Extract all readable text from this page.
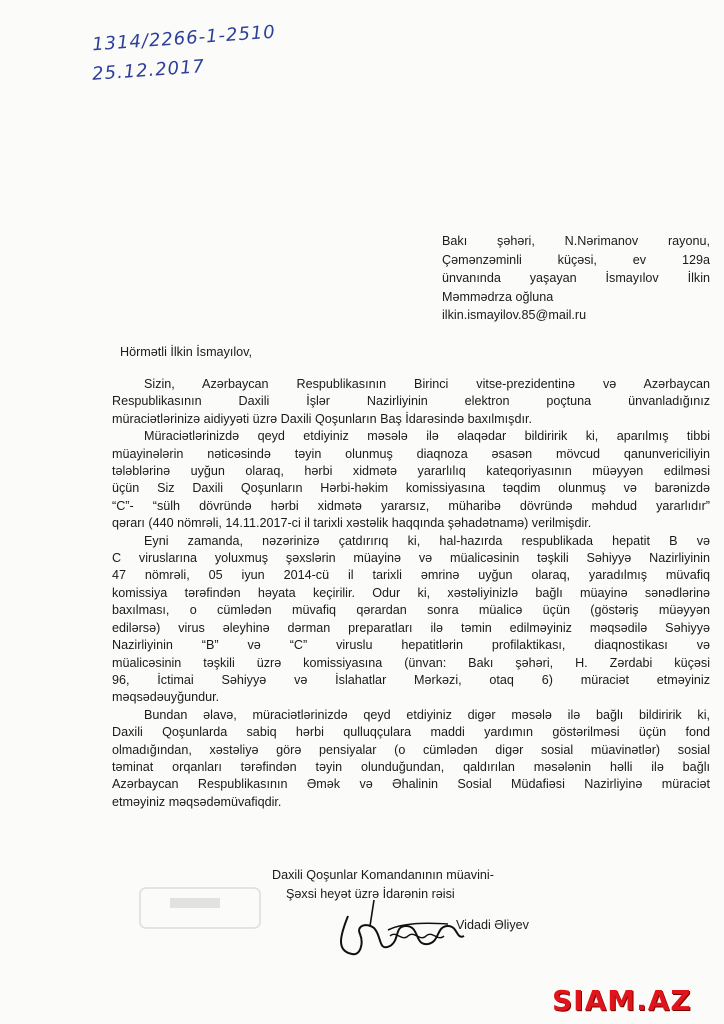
1314/2266-1-2510
25.12.2017

Bakı şəhəri, N.Nərimanov rayonu,

Çəmənzəminli küçəsi, ev 129a

ünvanında yaşayan İsmayılov İlkin

Məmmədrza oğluna

ilkin.ismayilov.85@mail.ru

Hörmətli İlkin İsmayılov,
Sizin, Azərbaycan Respublikasının Birinci vitse-prezidentinə və Azərbaycan
Respublikasının Daxili İşlər Nazirliyinin elektron poçtuna ünvanladığınız
müraciətlərinizə aidiyyəti üzrə Daxili Qoşunların Baş İdarəsində baxılmışdır.
Müraciətlərinizdə qeyd etdiyiniz məsələ ilə əlaqədar bildiririk ki, aparılmış tibbi
müayinələrin nəticəsində təyin olunmuş diaqnoza əsasən mövcud qanunvericiliyin
tələblərinə uyğun olaraq, hərbi xidmətə yararlılıq kateqoriyasının müəyyən edilməsi
üçün Siz Daxili Qoşunların Hərbi-həkim komissiyasına təqdim olunmuş və barənizdə
“C”- “sülh dövründə hərbi xidmətə yararsız, müharibə dövründə məhdud yararlıdır”
qərarı (440 nömrəli, 14.11.2017-ci il tarixli xəstəlik haqqında şəhadətnamə) verilmişdir.
Eyni zamanda, nəzərinizə çatdırırıq ki, hal-hazırda respublikada hepatit B və
C viruslarına yoluxmuş şəxslərin müayinə və müalicəsinin təşkili Səhiyyə Nazirliyinin
47 nömrəli, 05 iyun 2014-cü il tarixli əmrinə uyğun olaraq, yaradılmış müvafiq
komissiya tərəfindən həyata keçirilir. Odur ki, xəstəliyinizlə bağlı müayinə sənədlərinə
baxılması, o cümlədən müvafiq qərardan sonra müalicə üçün (göstəriş müəyyən
edilərsə) virus əleyhinə dərman preparatları ilə təmin edilməyiniz məqsədilə Səhiyyə
Nazirliyinin “B” və “C” viruslu hepatitlərin profilaktikası, diaqnostikası və
müalicəsinin təşkili üzrə komissiyasına (ünvan: Bakı şəhəri, H. Zərdabi küçəsi
96, İctimai Səhiyyə və İslahatlar Mərkəzi, otaq 6) müraciət etməyiniz
məqsədəuyğundur.
Bundan əlavə, müraciətlərinizdə qeyd etdiyiniz digər məsələ ilə bağlı bildiririk ki,
Daxili Qoşunlarda sabiq hərbi qulluqçulara maddi yardımın göstərilməsi üçün fond
olmadığından, xəstəliyə görə pensiyalar (o cümlədən digər sosial müavinətlər) sosial
təminat orqanları tərəfindən təyin olunduğundan, qaldırılan məsələnin həlli ilə bağlı
Azərbaycan Respublikasının Əmək və Əhalinin Sosial Müdafiəsi Nazirliyinə müraciət
etməyiniz məqsədəmüvafiqdir.
Daxili Qoşunlar Komandanının müavini-
Şəxsi heyət üzrə İdarənin rəisi
Vidadi Əliyev
SIAM.AZ
